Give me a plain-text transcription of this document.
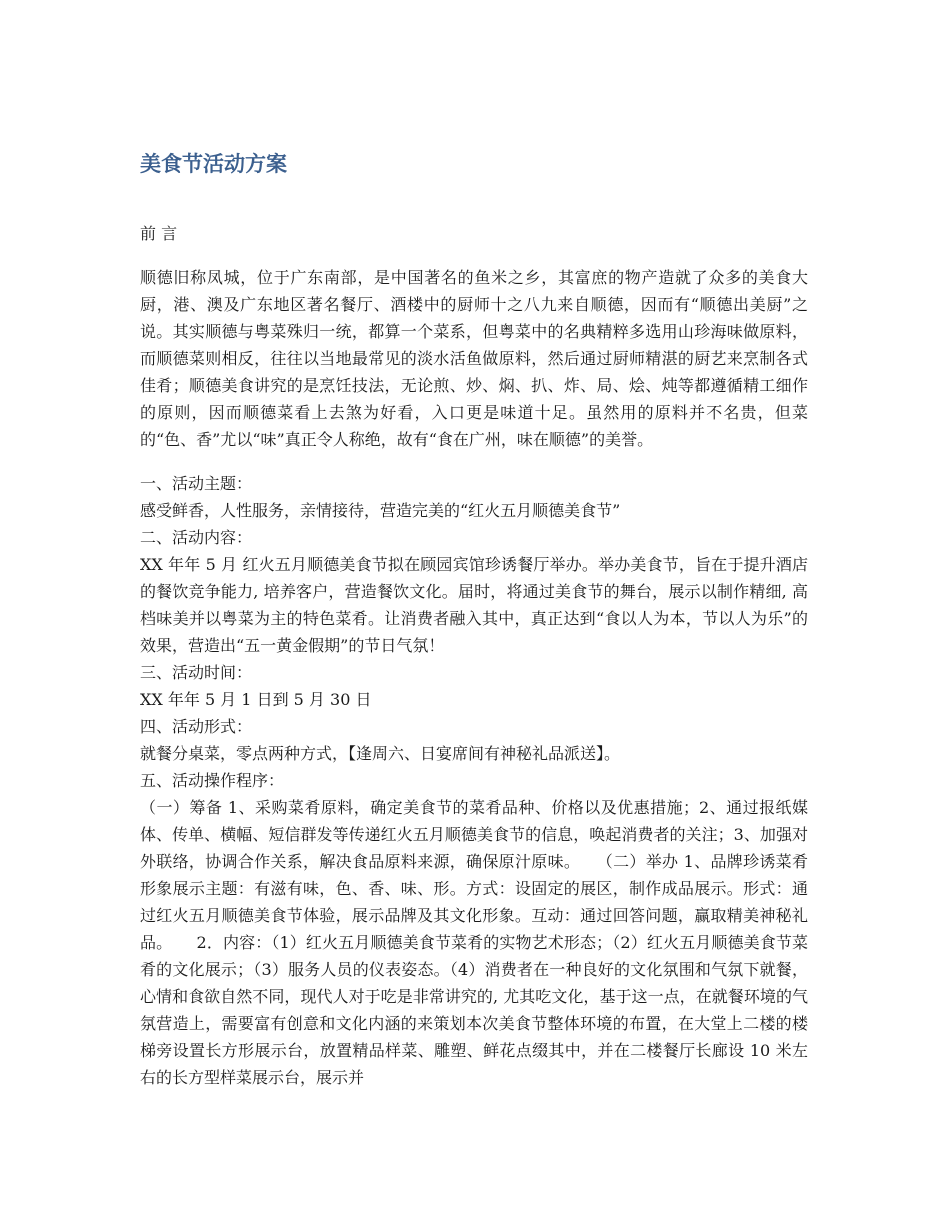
美食节活动方案
前 言

顺德旧称凤城，位于广东南部，是中国著名的鱼米之乡，其富庶的物产造就了众多的美食大厨，港、澳及广东地区著名餐厅、酒楼中的厨师十之八九来自顺德，因而有“顺德出美厨”之说。其实顺德与粤菜殊归一统，都算一个菜系，但粤菜中的名典精粹多选用山珍海味做原料，而顺德菜则相反，往往以当地最常见的淡水活鱼做原料，然后通过厨师精湛的厨艺来烹制各式佳肴；顺德美食讲究的是烹饪技法，无论煎、炒、焖、扒、炸、局、烩、炖等都遵循精工细作的原则，因而顺德菜看上去煞为好看，入口更是味道十足。虽然用的原料并不名贵，但菜的“色、香”尤以“味”真正令人称绝，故有“食在广州，味在顺德”的美誉。

一、活动主题：

感受鲜香，人性服务，亲情接待，营造完美的“红火五月顺德美食节”

二、活动内容：

XX 年年 5 月 红火五月顺德美食节拟在顾园宾馆珍诱餐厅举办。举办美食节，旨在于提升酒店的餐饮竞争能力, 培养客户，营造餐饮文化。届时，将通过美食节的舞台，展示以制作精细, 高档味美并以粤菜为主的特色菜肴。让消费者融入其中，真正达到“食以人为本，节以人为乐”的效果，营造出“五一黄金假期”的节日气氛！

三、活动时间：

XX 年年 5 月 1 日到 5 月 30 日

四、活动形式：

就餐分桌菜，零点两种方式，【逢周六、日宴席间有神秘礼品派送】。

五、活动操作程序：

（一）筹备 1、采购菜肴原料，确定美食节的菜肴品种、价格以及优惠措施；2、通过报纸媒体、传单、横幅、短信群发等传递红火五月顺德美食节的信息，唤起消费者的关注；3、加强对外联络，协调合作关系，解决食品原料来源，确保原汁原味。　　（二）举办 1、品牌珍诱菜肴形象展示主题：有滋有味，色、香、味、形。方式：设固定的展区，制作成品展示。形式：通过红火五月顺德美食节体验，展示品牌及其文化形象。互动：通过回答问题，赢取精美神秘礼品。　　2．内容：（1）红火五月顺德美食节菜肴的实物艺术形态；（2）红火五月顺德美食节菜肴的文化展示；（3）服务人员的仪表姿态。（4）消费者在一种良好的文化氛围和气氛下就餐，心情和食欲自然不同，现代人对于吃是非常讲究的, 尤其吃文化，基于这一点，在就餐环境的气氛营造上，需要富有创意和文化内涵的来策划本次美食节整体环境的布置，在大堂上二楼的楼梯旁设置长方形展示台，放置精品样菜、雕塑、鲜花点缀其中，并在二楼餐厅长廊设 10 米左右的长方型样菜展示台，展示并
